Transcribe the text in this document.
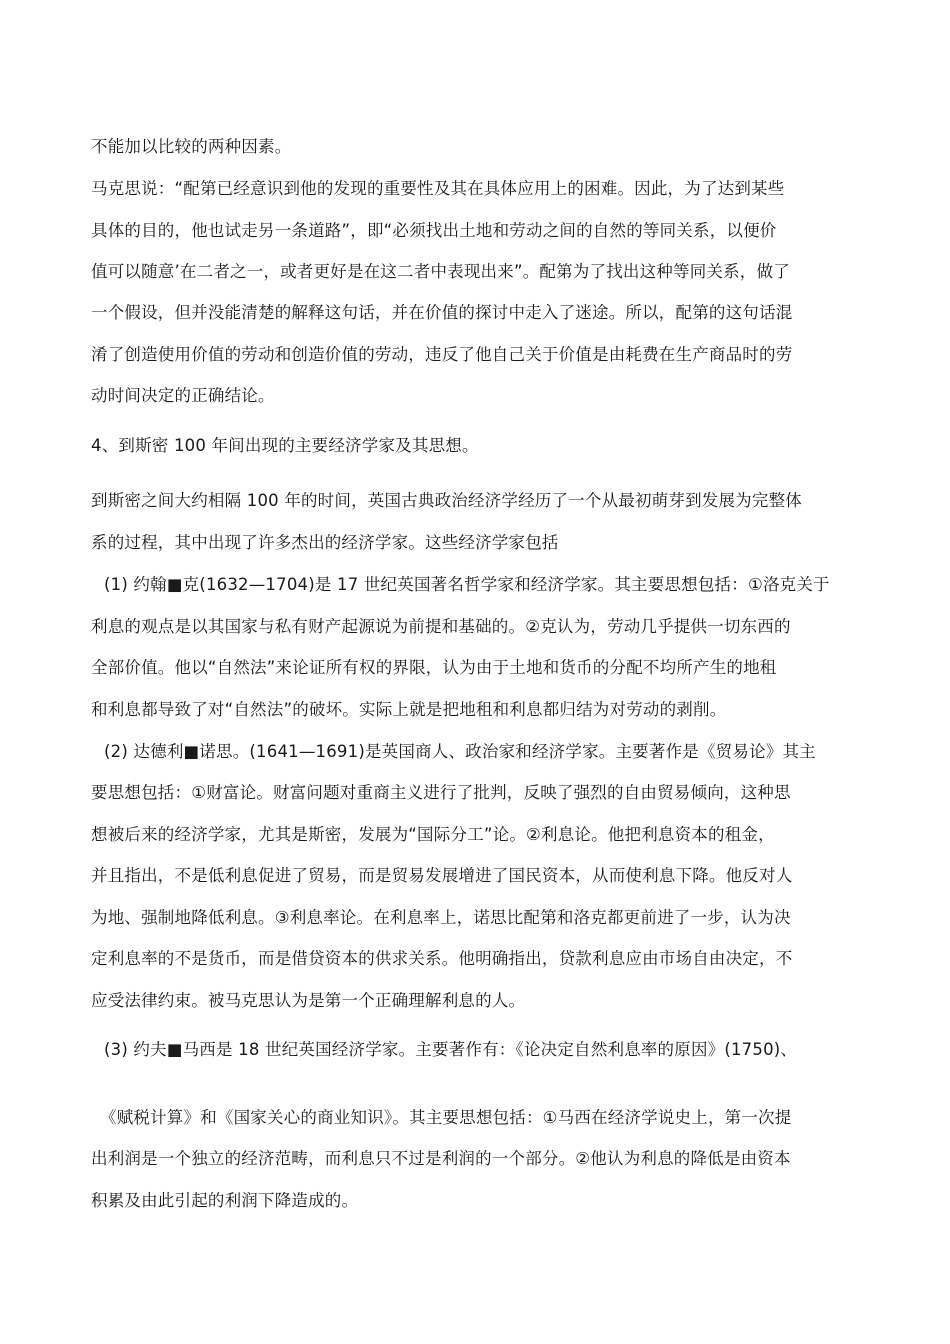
不能加以比较的两种因素。
马克思说：“配第已经意识到他的发现的重要性及其在具体应用上的困难。因此，为了达到某些
具体的目的，他也试走另一条道路”，即“必须找出土地和劳动之间的自然的等同关系，以便价
值可以随意’在二者之一，或者更好是在这二者中表现出来”。配第为了找出这种等同关系，做了
一个假设，但并没能清楚的解释这句话，并在价值的探讨中走入了迷途。所以，配第的这句话混
淆了创造使用价值的劳动和创造价值的劳动，违反了他自己关于价值是由耗费在生产商品时的劳
动时间决定的正确结论。
4、到斯密 100 年间出现的主要经济学家及其思想。
到斯密之间大约相隔 100 年的时间，英国古典政治经济学经历了一个从最初萌芽到发展为完整体
系的过程，其中出现了许多杰出的经济学家。这些经济学家包括
(1) 约翰■克(1632—1704)是 17 世纪英国著名哲学家和经济学家。其主要思想包括：①洛克关于
利息的观点是以其国家与私有财产起源说为前提和基础的。②克认为，劳动几乎提供一切东西的
全部价值。他以“自然法”来论证所有权的界限，认为由于土地和货币的分配不均所产生的地租
和利息都导致了对“自然法”的破坏。实际上就是把地租和利息都归结为对劳动的剥削。
(2) 达德利■诺思。(1641—1691)是英国商人、政治家和经济学家。主要著作是《贸易论》其主
要思想包括：①财富论。财富问题对重商主义进行了批判，反映了强烈的自由贸易倾向，这种思
想被后来的经济学家，尤其是斯密，发展为“国际分工”论。②利息论。他把利息资本的租金，
并且指出，不是低利息促进了贸易，而是贸易发展增进了国民资本，从而使利息下降。他反对人
为地、强制地降低利息。③利息率论。在利息率上，诺思比配第和洛克都更前进了一步，认为决
定利息率的不是货币，而是借贷资本的供求关系。他明确指出，贷款利息应由市场自由决定，不
应受法律约束。被马克思认为是第一个正确理解利息的人。
(3) 约夫■马西是 18 世纪英国经济学家。主要著作有：《论决定自然利息率的原因》(1750)、
《赋税计算》和《国家关心的商业知识》。其主要思想包括：①马西在经济学说史上，第一次提
出利润是一个独立的经济范畴，而利息只不过是利润的一个部分。②他认为利息的降低是由资本
积累及由此引起的利润下降造成的。
